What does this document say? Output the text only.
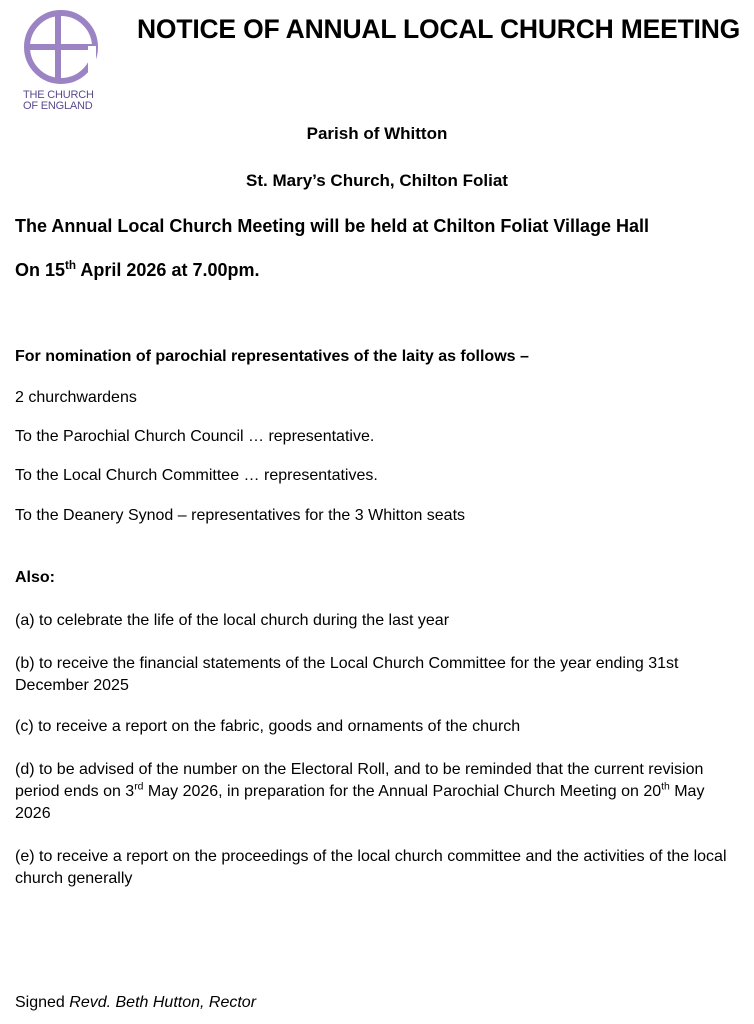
THE CHURCH
OF ENGLAND
NOTICE OF ANNUAL LOCAL CHURCH MEETING
Parish of Whitton
St. Mary’s Church, Chilton Foliat
The Annual Local Church Meeting will be held at Chilton Foliat Village Hall
On 15th April 2026 at 7.00pm.
For nomination of parochial representatives of the laity as follows –
2 churchwardens
To the Parochial Church Council … representative.
To the Local Church Committee … representatives.
To the Deanery Synod – representatives for the 3 Whitton seats
Also:
(a) to celebrate the life of the local church during the last year
(b) to receive the financial statements of the Local Church Committee for the year ending 31st December 2025
(c) to receive a report on the fabric, goods and ornaments of the church
(d) to be advised of the number on the Electoral Roll, and to be reminded that the current revision period ends on 3rd May 2026, in preparation for the Annual Parochial Church Meeting on 20th May 2026
(e) to receive a report on the proceedings of the local church committee and the activities of the local church generally
Signed Revd. Beth Hutton, Rector
